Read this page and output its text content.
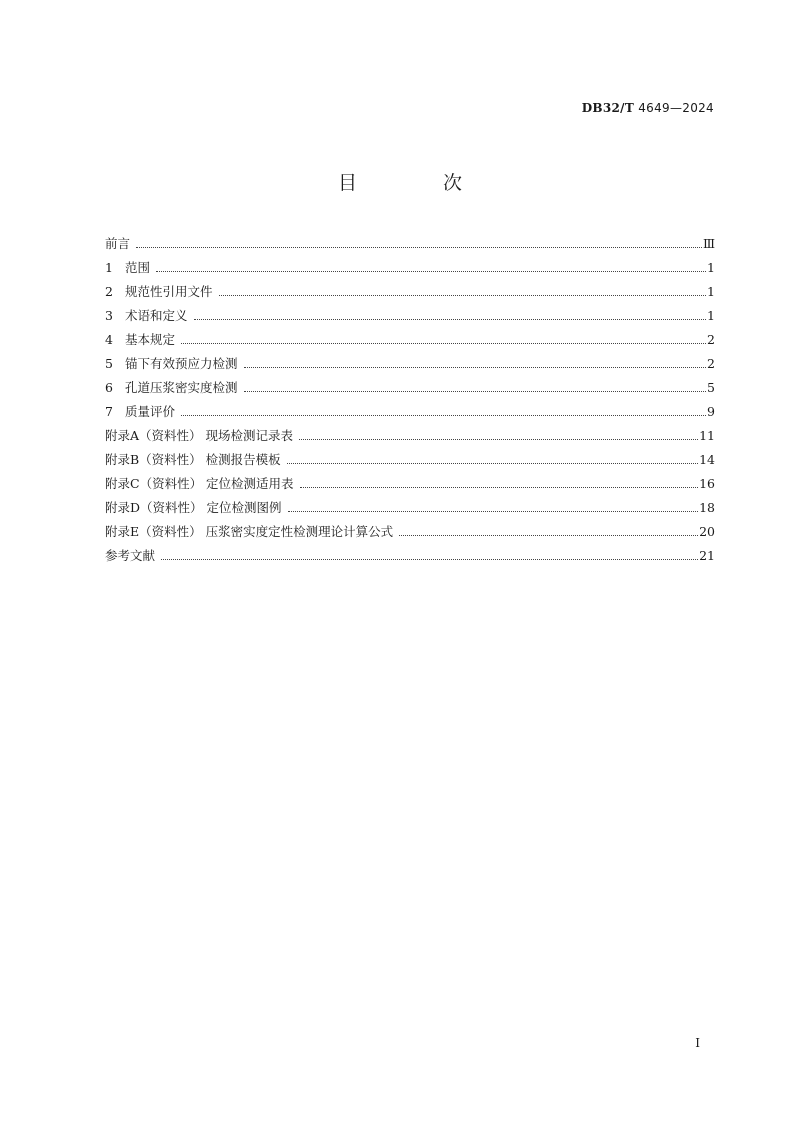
DB32/T 4649—2024
目 次
前言	Ⅲ
1 范围	1
2 规范性引用文件	1
3 术语和定义	1
4 基本规定	2
5 锚下有效预应力检测	2
6 孔道压浆密实度检测	5
7 质量评价	9
附录A（资料性） 现场检测记录表	11
附录B（资料性） 检测报告模板	14
附录C（资料性） 定位检测适用表	16
附录D（资料性） 定位检测图例	18
附录E（资料性） 压浆密实度定性检测理论计算公式	20
参考文献	21
I
